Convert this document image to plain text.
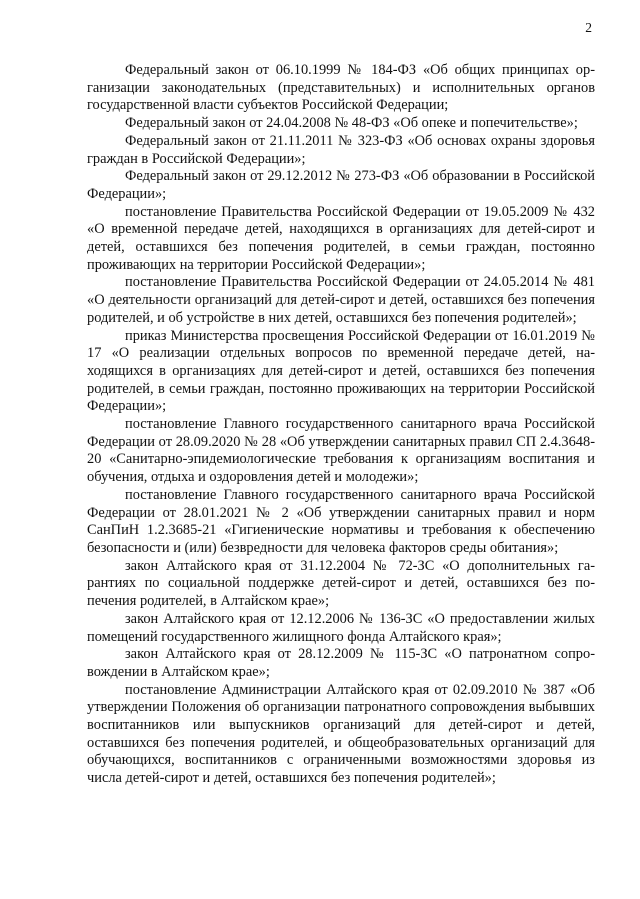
2

Федеральный закон от 06.10.1999 № 184-ФЗ «Об общих принципах организации законодательных (представительных) и исполнительных органов государственной власти субъектов Российской Федерации;

Федеральный закон от 24.04.2008 № 48-ФЗ «Об опеке и попечительстве»;

Федеральный закон от 21.11.2011 № 323-ФЗ «Об основах охраны здоровья граждан в Российской Федерации»;

Федеральный закон от 29.12.2012 № 273-ФЗ «Об образовании в Российской Федерации»;

постановление Правительства Российской Федерации от 19.05.2009 № 432 «О временной передаче детей, находящихся в организациях для детей-сирот и детей, оставшихся без попечения родителей, в семьи граждан, постоянно проживающих на территории Российской Федерации»;

постановление Правительства Российской Федерации от 24.05.2014 № 481 «О деятельности организаций для детей-сирот и детей, оставшихся без попечения родителей, и об устройстве в них детей, оставшихся без попечения родителей»;

приказ Министерства просвещения Российской Федерации от 16.01.2019 № 17 «О реализации отдельных вопросов по временной передаче детей, находящихся в организациях для детей-сирот и детей, оставшихся без попечения родителей, в семьи граждан, постоянно проживающих на территории Российской Федерации»;

постановление Главного государственного санитарного врача Российской Федерации от 28.09.2020 № 28 «Об утверждении санитарных правил СП 2.4.3648-20 «Санитарно-эпидемиологические требования к организациям воспитания и обучения, отдыха и оздоровления детей и молодежи»;

постановление Главного государственного санитарного врача Российской Федерации от 28.01.2021 № 2 «Об утверждении санитарных правил и норм СанПиН 1.2.3685-21 «Гигиенические нормативы и требования к обеспечению безопасности и (или) безвредности для человека факторов среды обитания»;

закон Алтайского края от 31.12.2004 № 72-ЗС «О дополнительных гарантиях по социальной поддержке детей-сирот и детей, оставшихся без попечения родителей, в Алтайском крае»;

закон Алтайского края от 12.12.2006 № 136-ЗС «О предоставлении жилых помещений государственного жилищного фонда Алтайского края»;

закон Алтайского края от 28.12.2009 № 115-ЗС «О патронатном сопровождении в Алтайском крае»;

постановление Администрации Алтайского края от 02.09.2010 № 387 «Об утверждении Положения об организации патронатного сопровождения выбывших воспитанников или выпускников организаций для детей-сирот и детей, оставшихся без попечения родителей, и общеобразовательных организаций для обучающихся, воспитанников с ограниченными возможностями здоровья из числа детей-сирот и детей, оставшихся без попечения родителей»;
